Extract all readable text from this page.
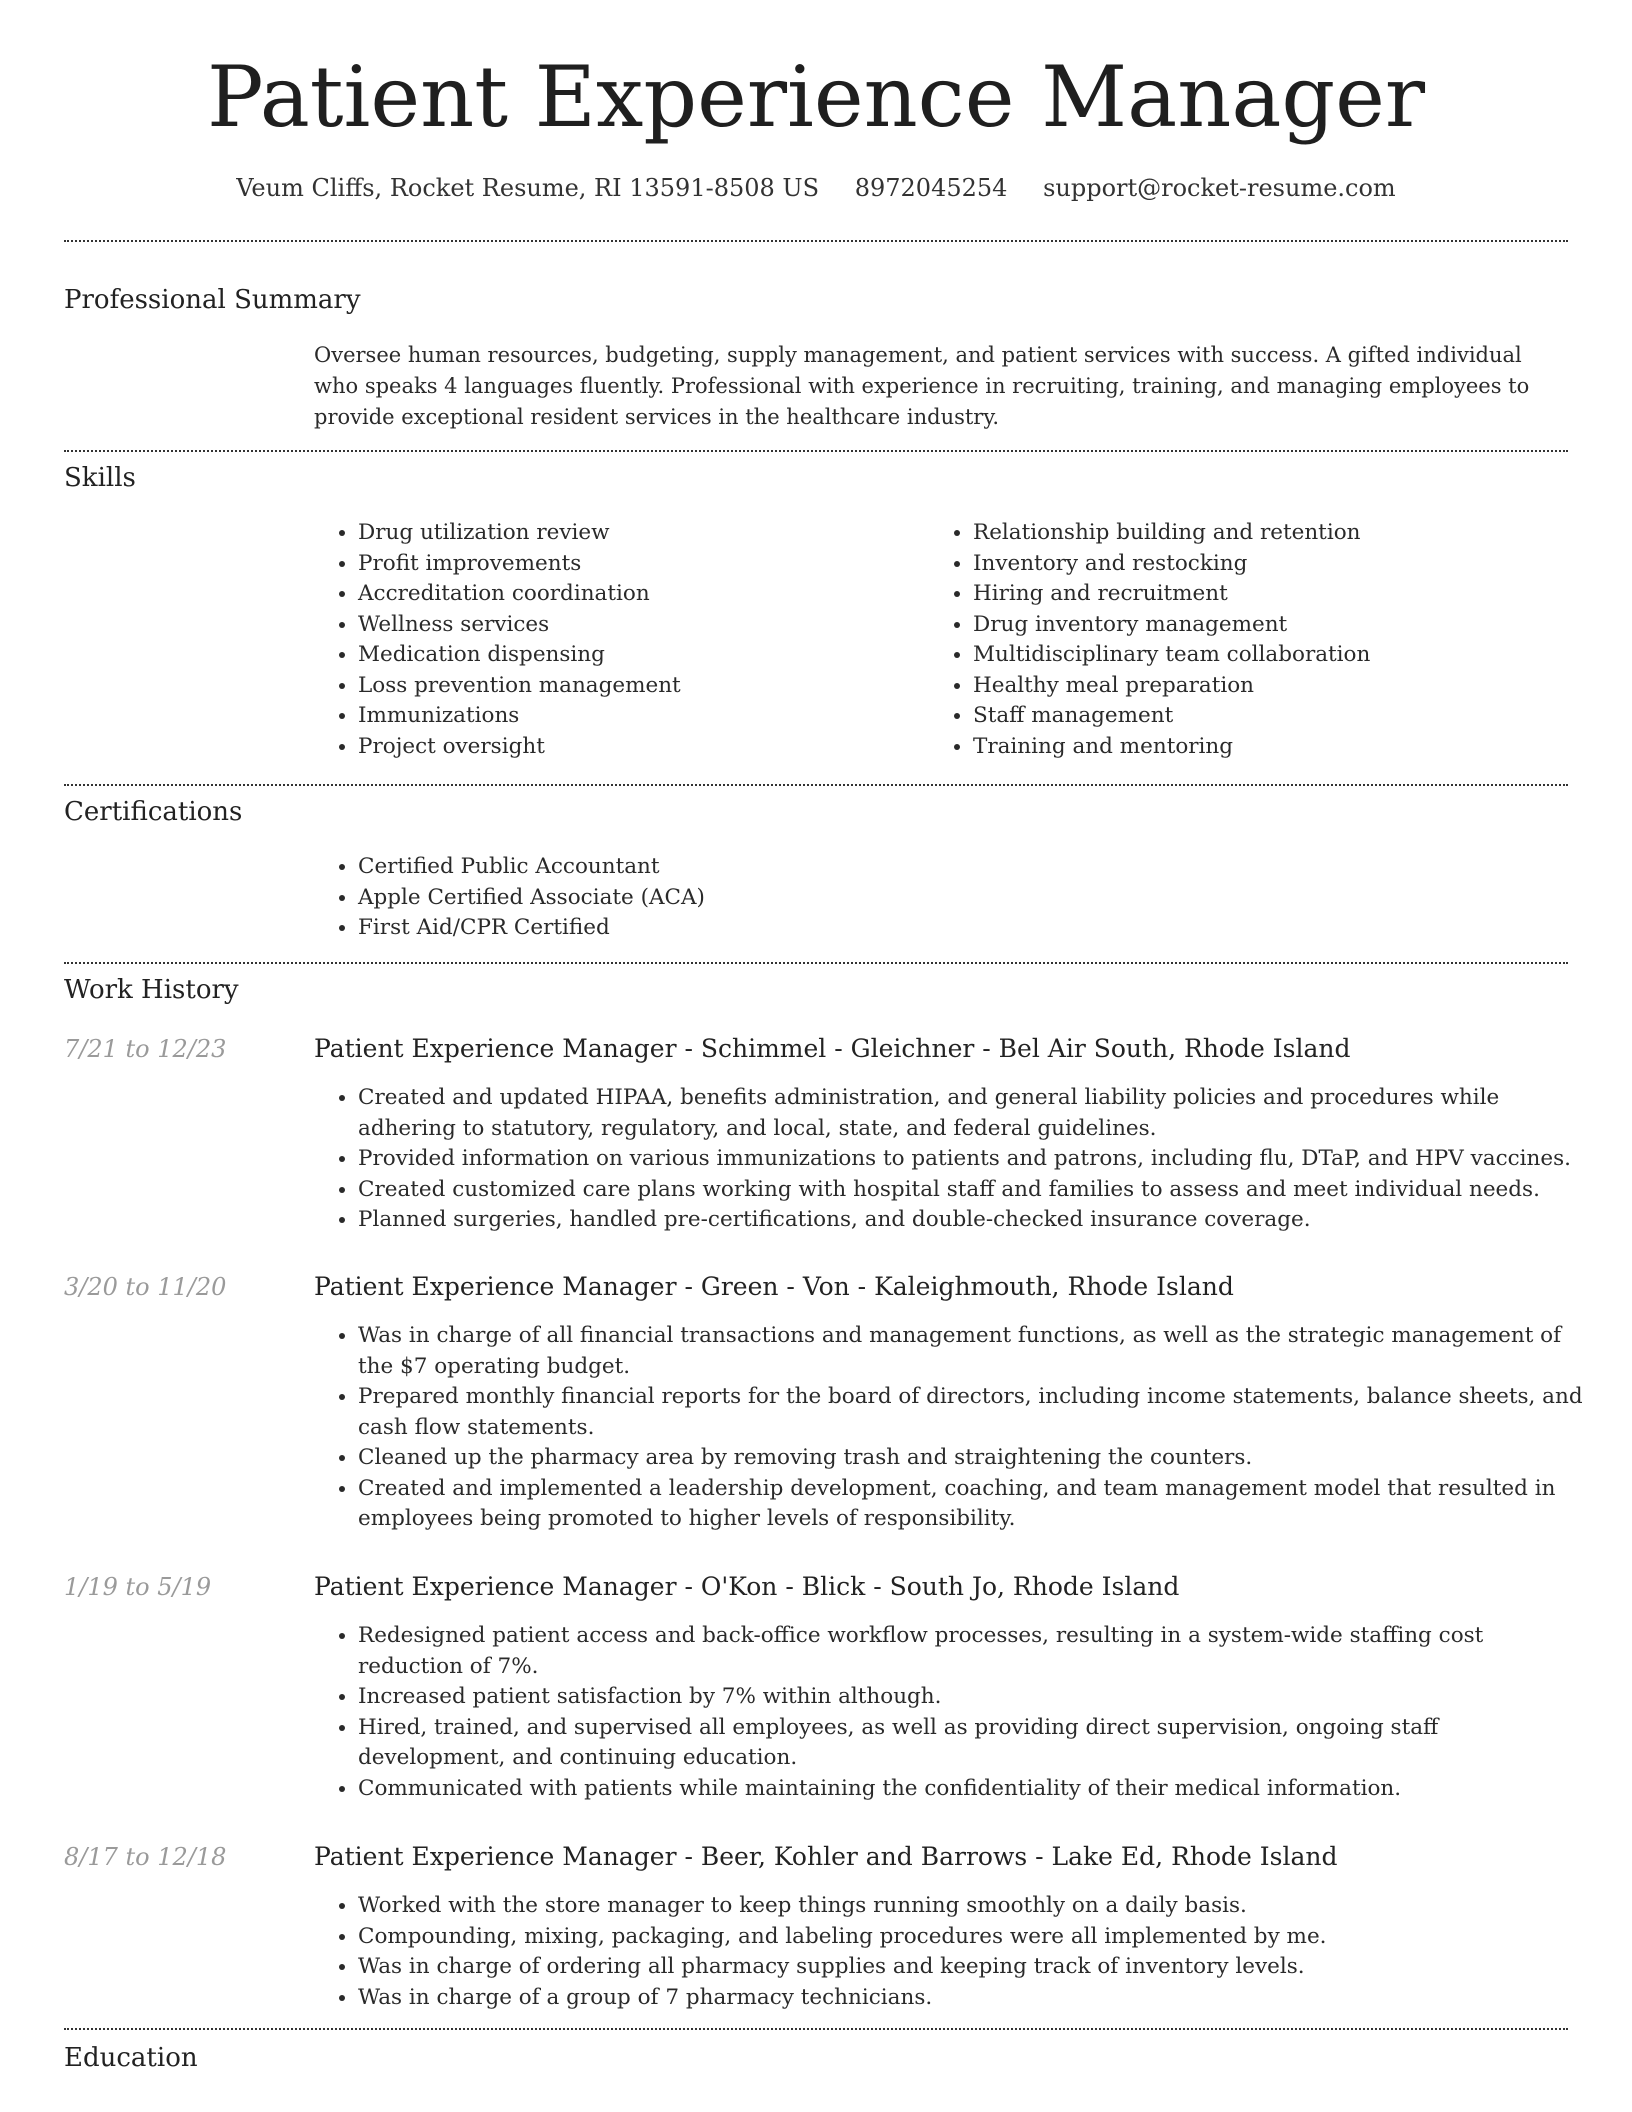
Patient Experience Manager
Veum Cliffs, Rocket Resume, RI 13591-8508 US 8972045254 support@rocket-resume.com
Professional Summary
Oversee human resources, budgeting, supply management, and patient services with success. A gifted individual who speaks 4 languages fluently. Professional with experience in recruiting, training, and managing employees to provide exceptional resident services in the healthcare industry.
Skills
• Drug utilization review
• Profit improvements
• Accreditation coordination
• Wellness services
• Medication dispensing
• Loss prevention management
• Immunizations
• Project oversight
• Relationship building and retention
• Inventory and restocking
• Hiring and recruitment
• Drug inventory management
• Multidisciplinary team collaboration
• Healthy meal preparation
• Staff management
• Training and mentoring
Certifications
• Certified Public Accountant
• Apple Certified Associate (ACA)
• First Aid/CPR Certified
Work History
7/21 to 12/23	Patient Experience Manager - Schimmel - Gleichner - Bel Air South, Rhode Island
• Created and updated HIPAA, benefits administration, and general liability policies and procedures while adhering to statutory, regulatory, and local, state, and federal guidelines.
• Provided information on various immunizations to patients and patrons, including flu, DTaP, and HPV vaccines.
• Created customized care plans working with hospital staff and families to assess and meet individual needs.
• Planned surgeries, handled pre-certifications, and double-checked insurance coverage.
3/20 to 11/20	Patient Experience Manager - Green - Von - Kaleighmouth, Rhode Island
• Was in charge of all financial transactions and management functions, as well as the strategic management of the $7 operating budget.
• Prepared monthly financial reports for the board of directors, including income statements, balance sheets, and cash flow statements.
• Cleaned up the pharmacy area by removing trash and straightening the counters.
• Created and implemented a leadership development, coaching, and team management model that resulted in employees being promoted to higher levels of responsibility.
1/19 to 5/19	Patient Experience Manager - O'Kon - Blick - South Jo, Rhode Island
• Redesigned patient access and back-office workflow processes, resulting in a system-wide staffing cost reduction of 7%.
• Increased patient satisfaction by 7% within although.
• Hired, trained, and supervised all employees, as well as providing direct supervision, ongoing staff development, and continuing education.
• Communicated with patients while maintaining the confidentiality of their medical information.
8/17 to 12/18	Patient Experience Manager - Beer, Kohler and Barrows - Lake Ed, Rhode Island
• Worked with the store manager to keep things running smoothly on a daily basis.
• Compounding, mixing, packaging, and labeling procedures were all implemented by me.
• Was in charge of ordering all pharmacy supplies and keeping track of inventory levels.
• Was in charge of a group of 7 pharmacy technicians.
Education
